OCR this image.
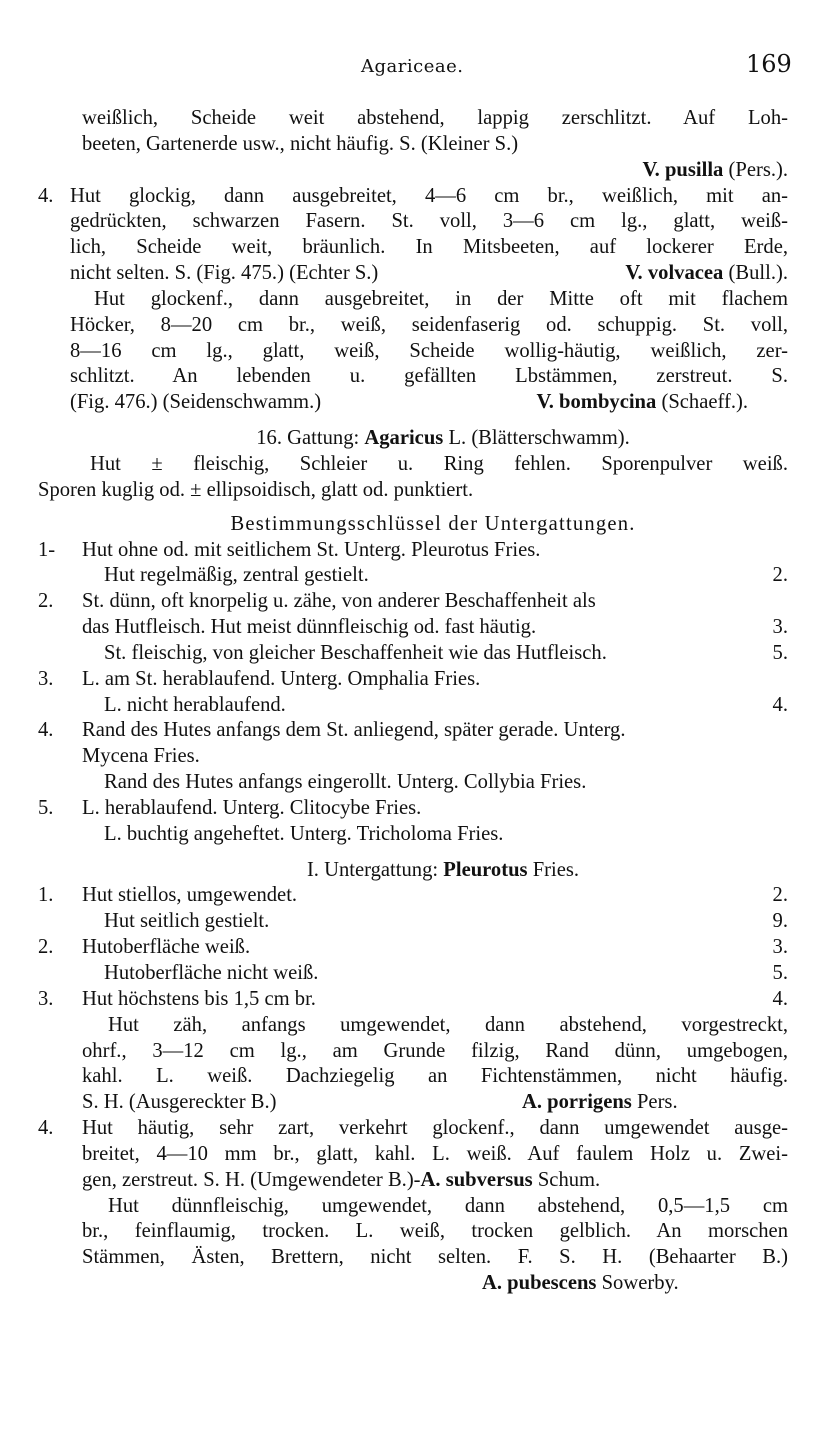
Agariceae.	169
weißlich, Scheide weit abstehend, lappig zerschlitzt. Auf Loh-
beeten, Gartenerde usw., nicht häufig. S. (Kleiner S.)
V. pusilla (Pers.).
4. Hut glockig, dann ausgebreitet, 4—6 cm br., weißlich, mit an-
gedrückten, schwarzen Fasern. St. voll, 3—6 cm lg., glatt, weiß-
lich, Scheide weit, bräunlich. In Mitsbeeten, auf lockerer Erde,
nicht selten. S. (Fig. 475.) (Echter S.)	V. volvacea (Bull.).
Hut glockenf., dann ausgebreitet, in der Mitte oft mit flachem
Höcker, 8—20 cm br., weiß, seidenfaserig od. schuppig. St. voll,
8—16 cm lg., glatt, weiß, Scheide wollig-häutig, weißlich, zer-
schlitzt. An lebenden u. gefällten Lbstämmen, zerstreut. S.
(Fig. 476.) (Seidenschwamm.)	V. bombycina (Schaeff.).
16. Gattung: Agaricus L. (Blätterschwamm).
Hut ± fleischig, Schleier u. Ring fehlen. Sporenpulver weiß.
Sporen kuglig od. ± ellipsoidisch, glatt od. punktiert.
Bestimmungsschlüssel der Untergattungen.
1-	Hut ohne od. mit seitlichem St. Unterg. Pleurotus Fries.
Hut regelmäßig, zentral gestielt.	2.
2.	St. dünn, oft knorpelig u. zähe, von anderer Beschaffenheit als
das Hutfleisch. Hut meist dünnfleischig od. fast häutig.	3.
St. fleischig, von gleicher Beschaffenheit wie das Hutfleisch.	5.
3.	L. am St. herablaufend. Unterg. Omphalia Fries.
L. nicht herablaufend.	4.
4.	Rand des Hutes anfangs dem St. anliegend, später gerade. Unterg.
Mycena Fries.
Rand des Hutes anfangs eingerollt. Unterg. Collybia Fries.
5.	L. herablaufend. Unterg. Clitocybe Fries.
L. buchtig angeheftet. Unterg. Tricholoma Fries.
I. Untergattung: Pleurotus Fries.
1.	Hut stiellos, umgewendet.	2.
Hut seitlich gestielt.	9.
2.	Hutoberfläche weiß.	3.
Hutoberfläche nicht weiß.	5.
3.	Hut höchstens bis 1,5 cm br.	4.
Hut zäh, anfangs umgewendet, dann abstehend, vorgestreckt,
ohrf., 3—12 cm lg., am Grunde filzig, Rand dünn, umgebogen,
kahl. L. weiß. Dachziegelig an Fichtenstämmen, nicht häufig.
S. H. (Ausgereckter B.)	A. porrigens Pers.
4.	Hut häutig, sehr zart, verkehrt glockenf., dann umgewendet ausge-
breitet, 4—10 mm br., glatt, kahl. L. weiß. Auf faulem Holz u. Zwei-
gen, zerstreut. S. H. (Umgewendeter B.)-A. subversus Schum.
Hut dünnfleischig, umgewendet, dann abstehend, 0,5—1,5 cm
br., feinflaumig, trocken. L. weiß, trocken gelblich. An morschen
Stämmen, Ästen, Brettern, nicht selten. F. S. H. (Behaarter B.)
A. pubescens Sowerby.
